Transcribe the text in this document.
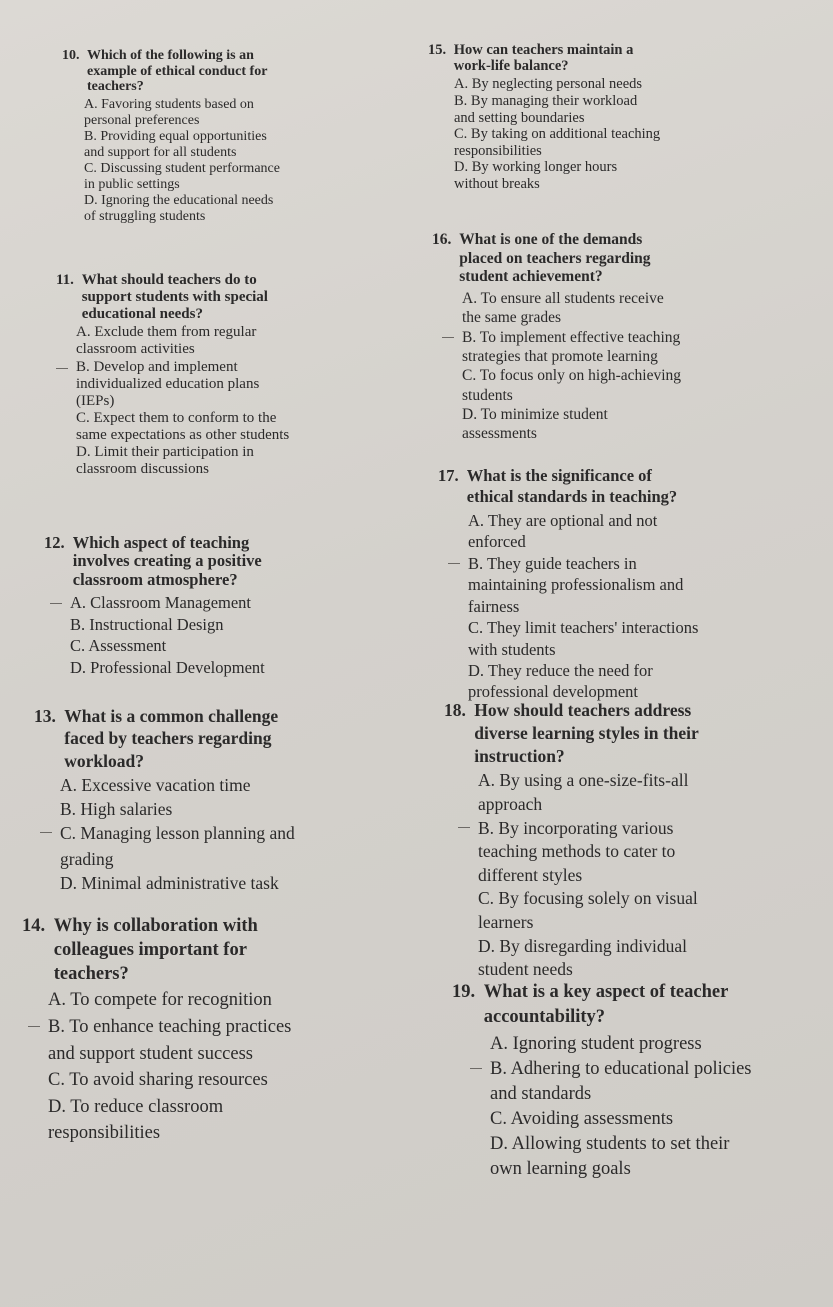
10. Which of the following is an
example of ethical conduct for
teachers?

A. Favoring students based on
personal preferences
B. Providing equal opportunities
and support for all students
C. Discussing student performance
in public settings
D. Ignoring the educational needs
of struggling students

11. What should teachers do to
support students with special
educational needs?

A. Exclude them from regular
classroom activities
B. Develop and implement
individualized education plans
(IEPs)
C. Expect them to conform to the
same expectations as other students
D. Limit their participation in
classroom discussions

12. Which aspect of teaching
involves creating a positive
classroom atmosphere?

A. Classroom Management
B. Instructional Design
C. Assessment
D. Professional Development

13. What is a common challenge
faced by teachers regarding
workload?

A. Excessive vacation time
B. High salaries
C. Managing lesson planning and
grading
D. Minimal administrative task

14. Why is collaboration with
colleagues important for
teachers?

A. To compete for recognition
B. To enhance teaching practices
and support student success
C. To avoid sharing resources
D. To reduce classroom
responsibilities

15. How can teachers maintain a
work-life balance?

A. By neglecting personal needs
B. By managing their workload
and setting boundaries
C. By taking on additional teaching
responsibilities
D. By working longer hours
without breaks

16. What is one of the demands
placed on teachers regarding
student achievement?

A. To ensure all students receive
the same grades
B. To implement effective teaching
strategies that promote learning
C. To focus only on high-achieving
students
D. To minimize student
assessments

17. What is the significance of
ethical standards in teaching?

A. They are optional and not
enforced
B. They guide teachers in
maintaining professionalism and
fairness
C. They limit teachers' interactions
with students
D. They reduce the need for
professional development

18. How should teachers address
diverse learning styles in their
instruction?

A. By using a one-size-fits-all
approach
B. By incorporating various
teaching methods to cater to
different styles
C. By focusing solely on visual
learners
D. By disregarding individual
student needs

19. What is a key aspect of teacher
accountability?

A. Ignoring student progress
B. Adhering to educational policies
and standards
C. Avoiding assessments
D. Allowing students to set their
own learning goals
